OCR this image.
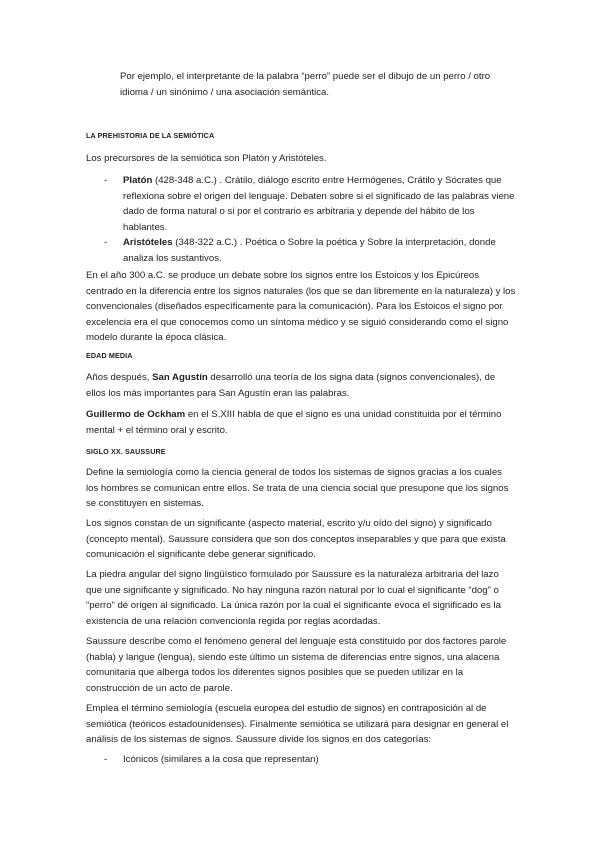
Por ejemplo, el interpretante de la palabra “perro” puede ser el dibujo de un perro / otro idioma / un sinónimo / una asociación semántica.

LA PREHISTORIA DE LA SEMIÓTICA

Los precursores de la semiótica son Platón y Aristóteles.

- Platón (428-348 a.C.) . Crátilo, diálogo escrito entre Hermógenes, Crátilo y Sócrates que reflexiona sobre el origen del lenguaje. Debaten sobre si el significado de las palabras viene dado de forma natural o si por el contrario es arbitraria y depende del hábito de los hablantes.
- Aristóteles (348-322 a.C.) . Poética o Sobre la poética y Sobre la interpretación, donde analiza los sustantivos.

En el año 300 a.C. se produce un debate sobre los signos entre los Estoicos y los Epicúreos centrado en la diferencia entre los signos naturales (los que se dan libremente en la naturaleza) y los convencionales (diseñados específicamente para la comunicación). Para los Estoicos el signo por excelencia era el que conocemos como un síntoma médico y se siguió considerando como el signo modelo durante la época clásica.

EDAD MEDIA

Años después, San Agustín desarrolló una teoría de los signa data (signos convencionales), de ellos los más importantes para San Agustín eran las palabras.

Guillermo de Ockham en el S.XIII habla de que el signo es una unidad constituida por el término mental + el término oral y escrito.

SIGLO XX. SAUSSURE

Define la semiología como la ciencia general de todos los sistemas de signos gracias a los cuales los hombres se comunican entre ellos. Se trata de una ciencia social que presupone que los signos se constituyen en sistemas.

Los signos constan de un significante (aspecto material, escrito y/u oído del signo) y significado (concepto mental). Saussure considera que son dos conceptos inseparables y que para que exista comunicación el significante debe generar significado.

La piedra angular del signo lingüístico formulado por Saussure es la naturaleza arbitraria del lazo que une significante y significado. No hay ninguna razón natural por lo cual el significante “dog” o “perro” dé origen al significado. La única razón por la cual el significante evoca el significado es la existencia de una relación convencionla regida por reglas acordadas.

Saussure describe como el fenómeno general del lenguaje está constituido por dos factores parole (habla) y langue (lengua), siendo este último un sistema de diferencias entre signos, una alacena comunitaria que alberga todos los diferentes signos posibles que se pueden utilizar en la construcción de un acto de parole.

Emplea el término semiología (escuela europea del estudio de signos) en contraposición al de semiótica (teóricos estadounidenses). Finalmente semiótica se utilizará para designar en general el análisis de los sistemas de signos. Saussure divide los signos en dos categorías:

- Icónicos (similares a la cosa que representan)
